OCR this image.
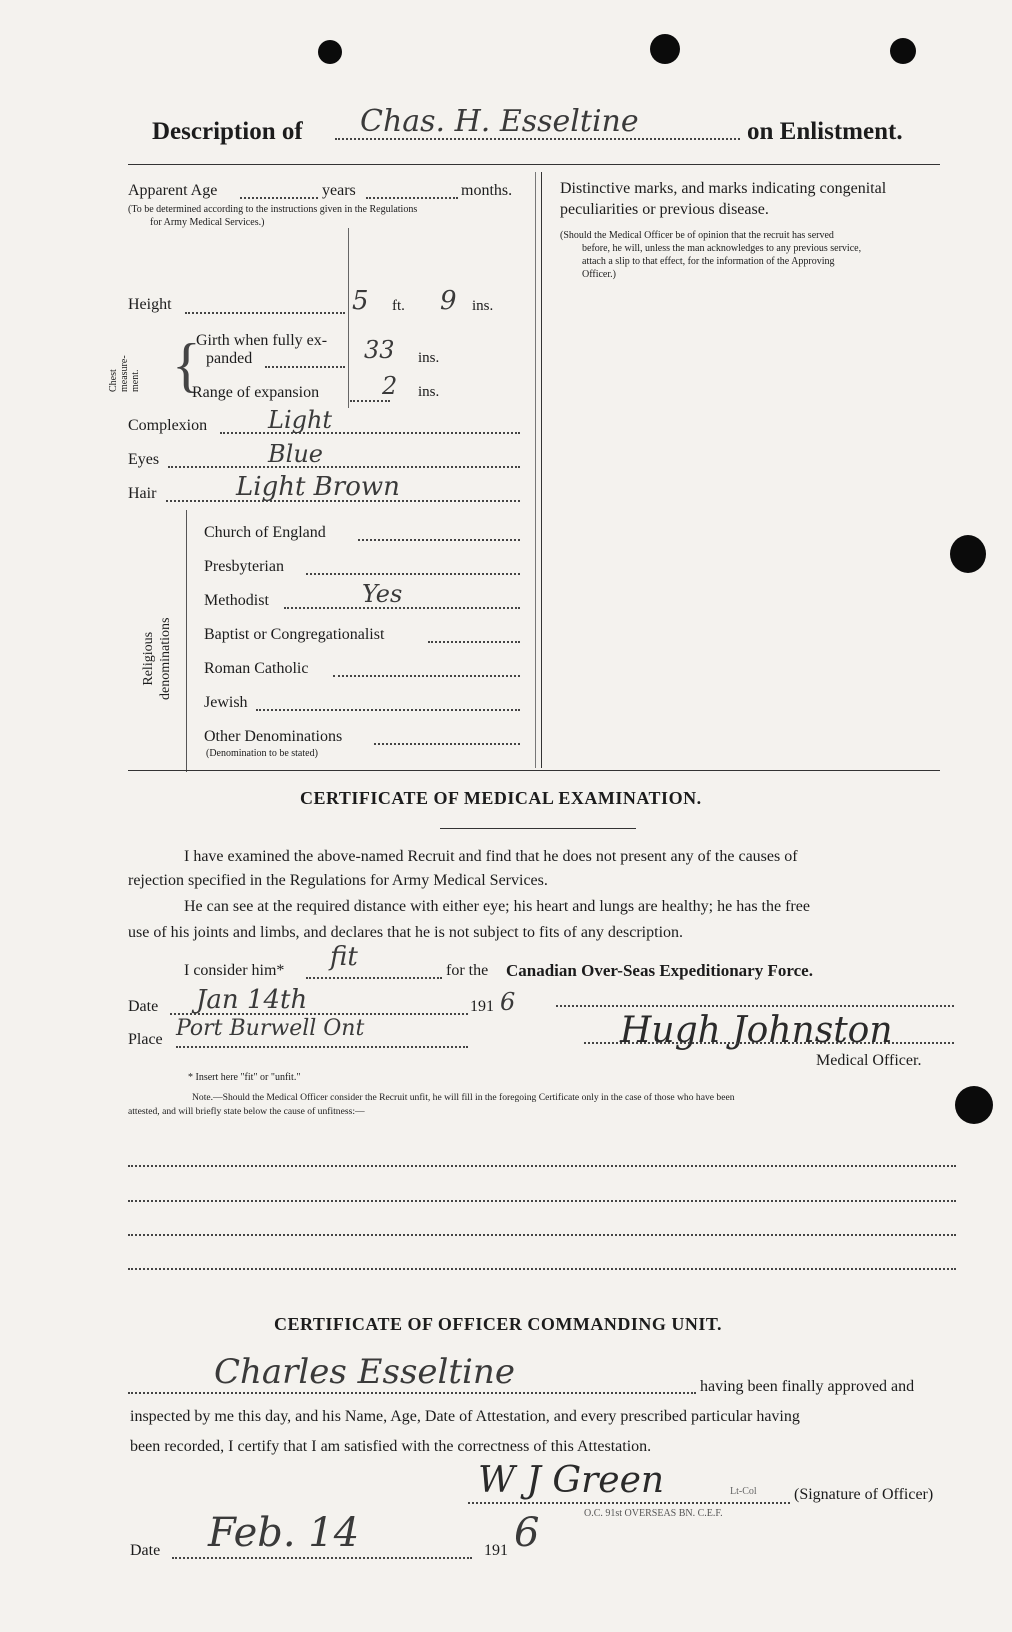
Description of Chas. H. Esseltine	on Enlistment.
Apparent Age	years	months.
(To be determined according to the instructions given in the Regulations
for Army Medical Services.)
Height	5 ft. 9 ins.
Chest
measure-
ment. {
Girth when fully ex-
panded	33 ins.
Range of expansion	2 ins.
Complexion	Light
Eyes	Blue
Hair	Light Brown
Religious denominations
Church of England
Presbyterian
Methodist	Yes
Baptist or Congregationalist
Roman Catholic
Jewish
Other Denominations
(Denomination to be stated)
Distinctive marks, and marks indicating congenital
peculiarities or previous disease.
(Should the Medical Officer be of opinion that the recruit has served
before, he will, unless the man acknowledges to any previous service,
attach a slip to that effect, for the information of the Approving
Officer.)
CERTIFICATE OF MEDICAL EXAMINATION.
I have examined the above-named Recruit and find that he does not present any of the causes of
rejection specified in the Regulations for Army Medical Services.
He can see at the required distance with either eye; his heart and lungs are healthy; he has the free
use of his joints and limbs, and declares that he is not subject to fits of any description.
I consider him* fit	for the Canadian Over-Seas Expeditionary Force.
Date Jan 14th	191 6
Place Port Burwell Ont	Hugh Johnston
Medical Officer.
* Insert here "fit" or "unfit."
Note.—Should the Medical Officer consider the Recruit unfit, he will fill in the foregoing Certificate only in the case of those who have been
attested, and will briefly state below the cause of unfitness:—
CERTIFICATE OF OFFICER COMMANDING UNIT.
Charles Esseltine	having been finally approved and
inspected by me this day, and his Name, Age, Date of Attestation, and every prescribed particular having
been recorded, I certify that I am satisfied with the correctness of this Attestation.
W J Green	Lt-Col (Signature of Officer)
O.C. 91st OVERSEAS BN. C.E.F.
Date Feb. 14	191 6
